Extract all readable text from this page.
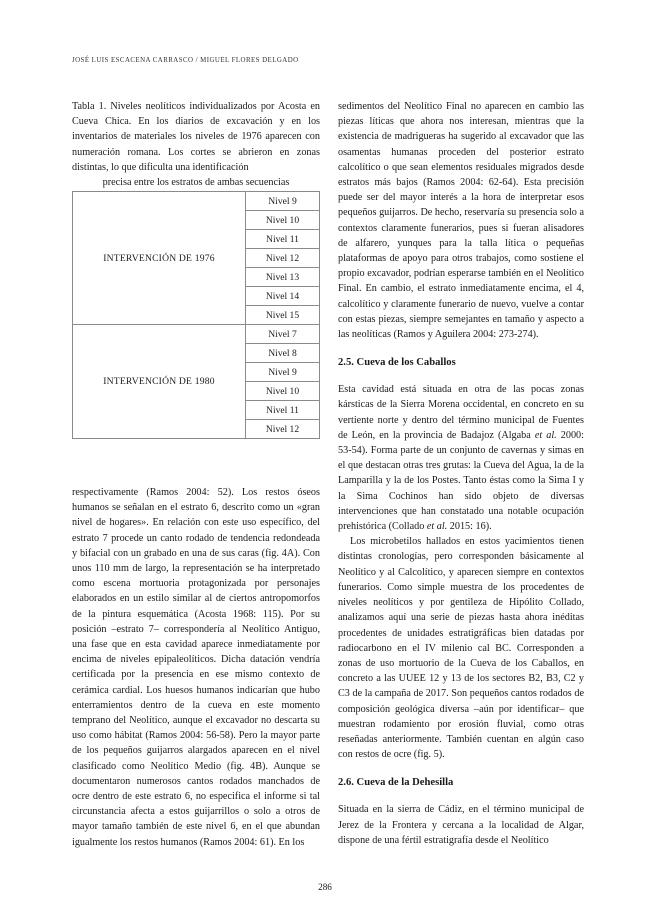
JOSÉ LUIS ESCACENA CARRASCO / MIGUEL FLORES DELGADO

Tabla 1. Niveles neolíticos individualizados por Acosta en Cueva Chica. En los diarios de excavación y en los inventarios de materiales los niveles de 1976 aparecen con numeración romana. Los cortes se abrieron en zonas distintas, lo que dificulta una identificación

precisa entre los estratos de ambas secuencias

INTERVENCIÓN DE 1976	Nivel 9
	Nivel 10
	Nivel 11
	Nivel 12
	Nivel 13
	Nivel 14
	Nivel 15
INTERVENCIÓN DE 1980	Nivel 7
	Nivel 8
	Nivel 9
	Nivel 10
	Nivel 11
	Nivel 12

respectivamente (Ramos 2004: 52). Los restos óseos humanos se señalan en el estrato 6, descrito como un «gran nivel de hogares». En relación con este uso específico, del estrato 7 procede un canto rodado de tendencia redondeada y bifacial con un grabado en una de sus caras (fig. 4A). Con unos 110 mm de largo, la representación se ha interpretado como escena mortuoria protagonizada por personajes elaborados en un estilo similar al de ciertos antropomorfos de la pintura esquemática (Acosta 1968: 115). Por su posición –estrato 7– correspondería al Neolítico Antiguo, una fase que en esta cavidad aparece inmediatamente por encima de niveles epipaleolíticos. Dicha datación vendría certificada por la presencia en ese mismo contexto de cerámica cardial. Los huesos humanos indicarían que hubo enterramientos dentro de la cueva en este momento temprano del Neolítico, aunque el excavador no descarta su uso como hábitat (Ramos 2004: 56-58). Pero la mayor parte de los pequeños guijarros alargados aparecen en el nivel clasificado como Neolítico Medio (fig. 4B). Aunque se documentaron numerosos cantos rodados manchados de ocre dentro de este estrato 6, no especifica el informe si tal circunstancia afecta a estos guijarrillos o solo a otros de mayor tamaño también de este nivel 6, en el que abundan igualmente los restos humanos (Ramos 2004: 61). En los

sedimentos del Neolítico Final no aparecen en cambio las piezas líticas que ahora nos interesan, mientras que la existencia de madrigueras ha sugerido al excavador que las osamentas humanas proceden del posterior estrato calcolítico o que sean elementos residuales migrados desde estratos más bajos (Ramos 2004: 62-64). Esta precisión puede ser del mayor interés a la hora de interpretar esos pequeños guijarros. De hecho, reservaría su presencia solo a contextos claramente funerarios, pues si fueran alisadores de alfarero, yunques para la talla lítica o pequeñas plataformas de apoyo para otros trabajos, como sostiene el propio excavador, podrían esperarse también en el Neolítico Final. En cambio, el estrato inmediatamente encima, el 4, calcolítico y claramente funerario de nuevo, vuelve a contar con estas piezas, siempre semejantes en tamaño y aspecto a las neolíticas (Ramos y Aguilera 2004: 273-274).

2.5. Cueva de los Caballos

Esta cavidad está situada en otra de las pocas zonas kársticas de la Sierra Morena occidental, en concreto en su vertiente norte y dentro del término municipal de Fuentes de León, en la provincia de Badajoz (Algaba et al. 2000: 53-54). Forma parte de un conjunto de cavernas y simas en el que destacan otras tres grutas: la Cueva del Agua, la de la Lamparilla y la de los Postes. Tanto éstas como la Sima I y la Sima Cochinos han sido objeto de diversas intervenciones que han constatado una notable ocupación prehistórica (Collado et al. 2015: 16).

Los microbetilos hallados en estos yacimientos tienen distintas cronologías, pero corresponden básicamente al Neolítico y al Calcolítico, y aparecen siempre en contextos funerarios. Como simple muestra de los procedentes de niveles neolíticos y por gentileza de Hipólito Collado, analizamos aquí una serie de piezas hasta ahora inéditas procedentes de unidades estratigráficas bien datadas por radiocarbono en el IV milenio cal BC. Corresponden a zonas de uso mortuorio de la Cueva de los Caballos, en concreto a las UUEE 12 y 13 de los sectores B2, B3, C2 y C3 de la campaña de 2017. Son pequeños cantos rodados de composición geológica diversa –aún por identificar– que muestran rodamiento por erosión fluvial, como otras reseñadas anteriormente. También cuentan en algún caso con restos de ocre (fig. 5).

2.6. Cueva de la Dehesilla

Situada en la sierra de Cádiz, en el término municipal de Jerez de la Frontera y cercana a la localidad de Algar, dispone de una fértil estratigrafía desde el Neolítico

286
